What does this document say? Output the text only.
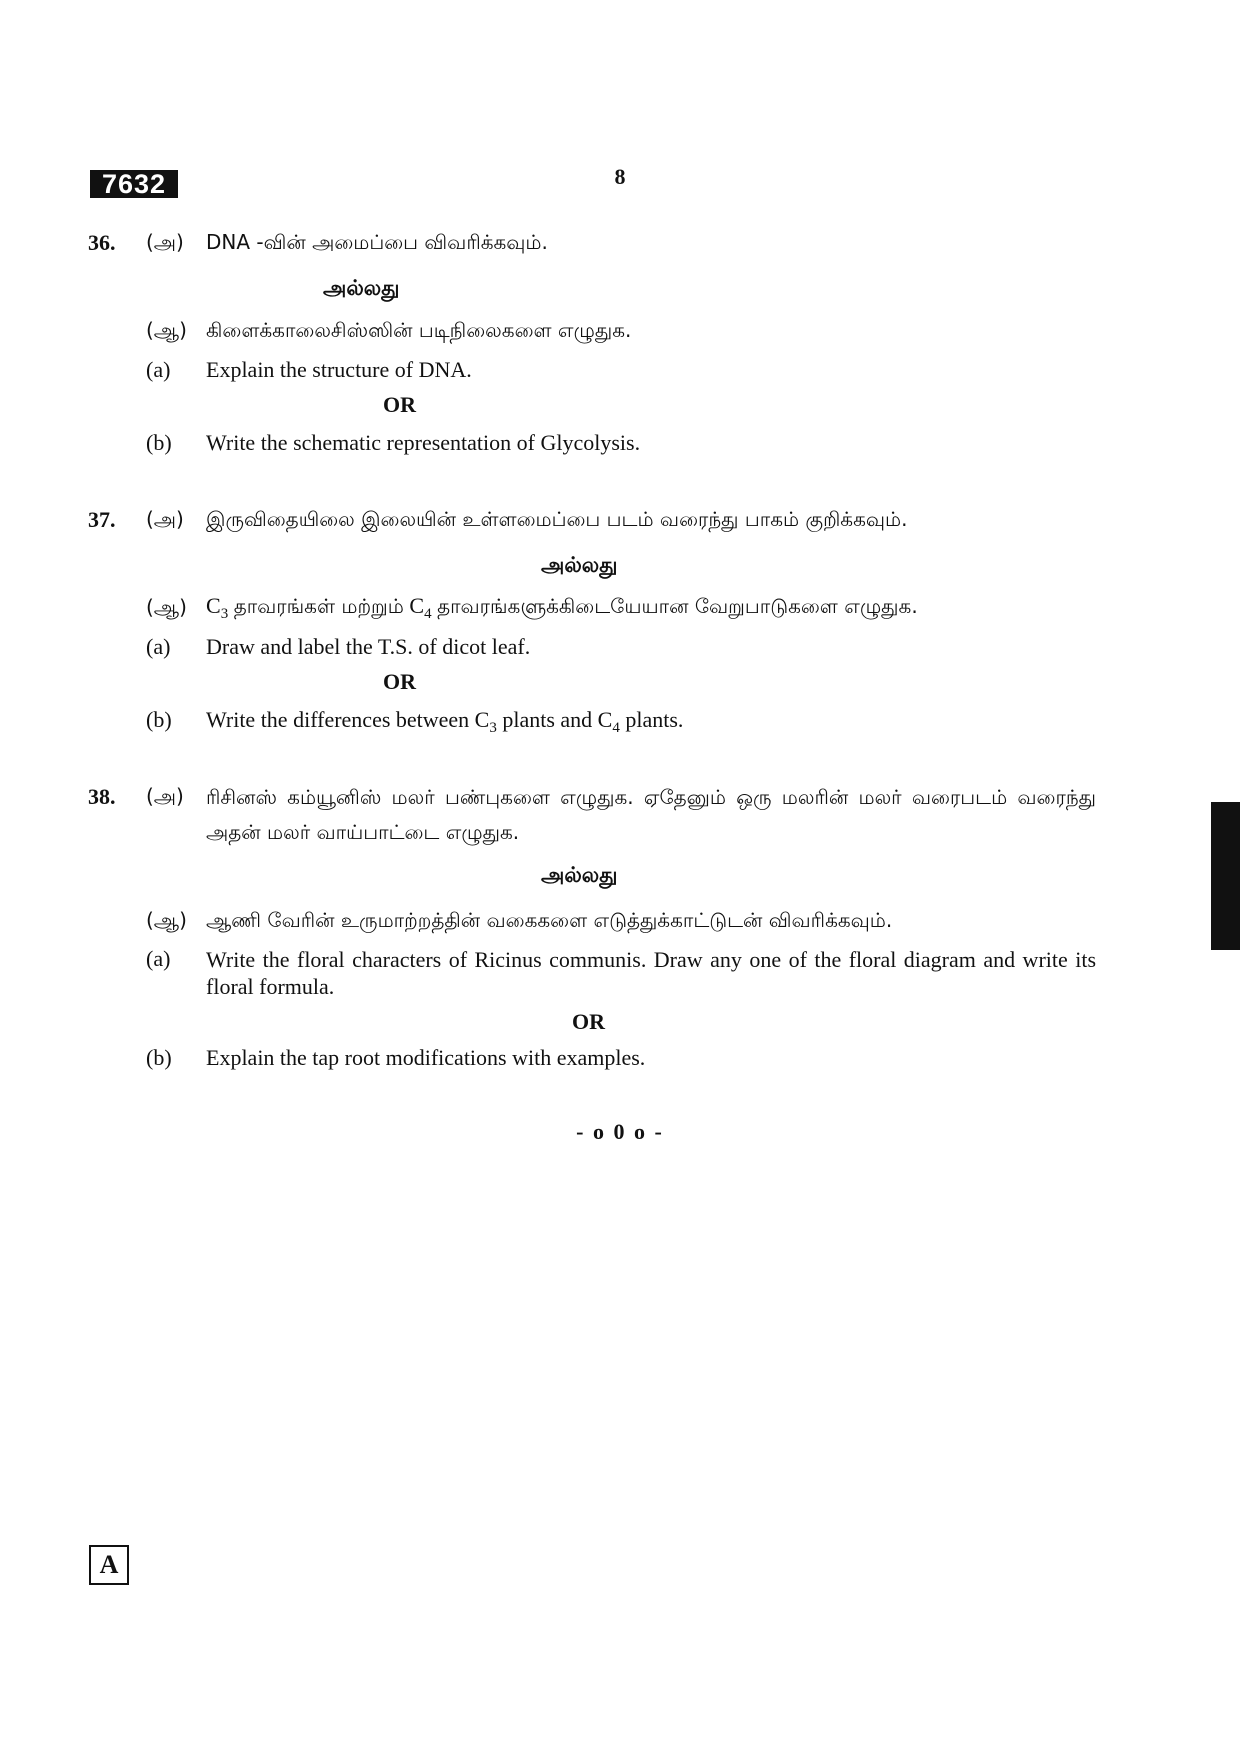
7632	8
36. (அ) DNA -வின் அமைப்பை விவரிக்கவும்.
அல்லது
(ஆ) கிளைக்காலைசிஸ்ஸின் படிநிலைகளை எழுதுக.
(a) Explain the structure of DNA.
OR
(b) Write the schematic representation of Glycolysis.
37. (அ) இருவிதையிலை இலையின் உள்ளமைப்பை படம் வரைந்து பாகம் குறிக்கவும்.
அல்லது
(ஆ) $C_3$ தாவரங்கள் மற்றும் $C_4$ தாவரங்களுக்கிடையேயான வேறுபாடுகளை எழுதுக.
(a) Draw and label the T.S. of dicot leaf.
OR
(b) Write the differences between $C_3$ plants and $C_4$ plants.
38. (அ) ரிசினஸ் கம்யூனிஸ் மலர் பண்புகளை எழுதுக. ஏதேனும் ஒரு மலரின் மலர் வரைபடம் வரைந்து அதன் மலர் வாய்பாட்டை எழுதுக.
அல்லது
(ஆ) ஆணி வேரின் உருமாற்றத்தின் வகைகளை எடுத்துக்காட்டுடன் விவரிக்கவும்.
(a) Write the floral characters of Ricinus communis. Draw any one of the floral diagram and write its floral formula.
OR
(b) Explain the tap root modifications with examples.
- o 0 o -
A
